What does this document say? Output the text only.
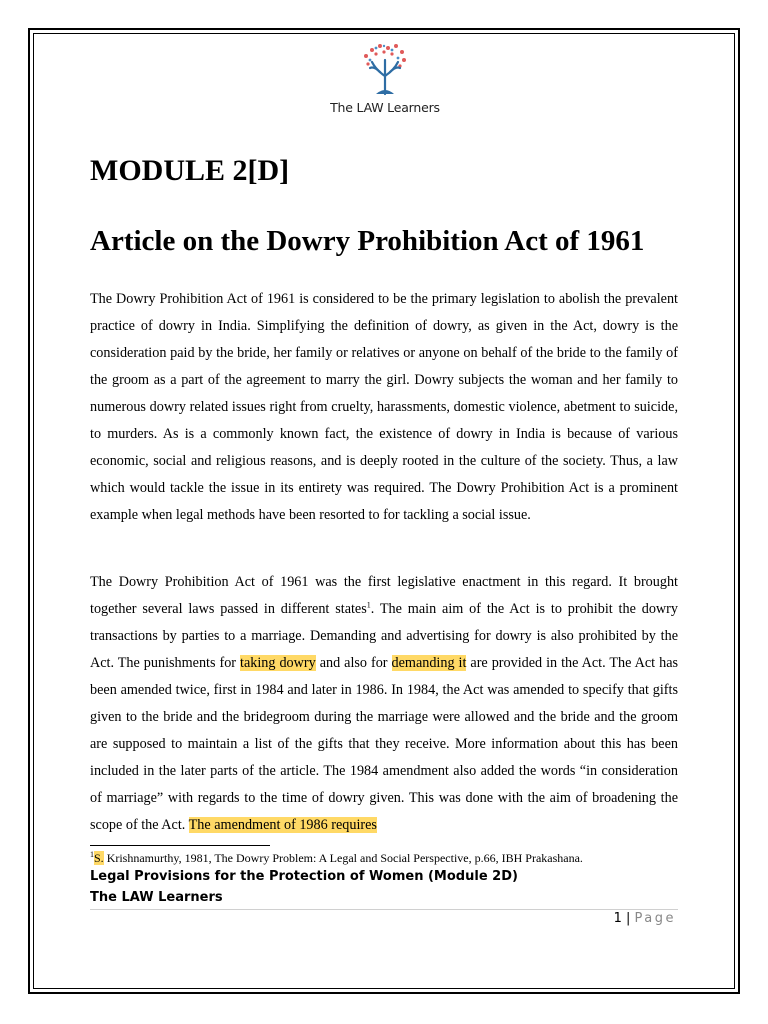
The LAW Learners
MODULE 2[D]
Article on the Dowry Prohibition Act of 1961

The Dowry Prohibition Act of 1961 is considered to be the primary legislation to abolish the prevalent practice of dowry in India. Simplifying the definition of dowry, as given in the Act, dowry is the consideration paid by the bride, her family or relatives or anyone on behalf of the bride to the family of the groom as a part of the agreement to marry the girl. Dowry subjects the woman and her family to numerous dowry related issues right from cruelty, harassments, domestic violence, abetment to suicide, to murders. As is a commonly known fact, the existence of dowry in India is because of various economic, social and religious reasons, and is deeply rooted in the culture of the society. Thus, a law which would tackle the issue in its entirety was required. The Dowry Prohibition Act is a prominent example when legal methods have been resorted to for tackling a social issue.

The Dowry Prohibition Act of 1961 was the first legislative enactment in this regard. It brought together several laws passed in different states$^1$. The main aim of the Act is to prohibit the dowry transactions by parties to a marriage. Demanding and advertising for dowry is also prohibited by the Act. The punishments for taking dowry and also for demanding it are provided in the Act. The Act has been amended twice, first in 1984 and later in 1986. In 1984, the Act was amended to specify that gifts given to the bride and the bridegroom during the marriage were allowed and the bride and the groom are supposed to maintain a list of the gifts that they receive. More information about this has been included in the later parts of the article. The 1984 amendment also added the words “in consideration of marriage” with regards to the time of dowry given. This was done with the aim of broadening the scope of the Act. The amendment of 1986 requires

$^1$S. Krishnamurthy, 1981, The Dowry Problem: A Legal and Social Perspective, p.66, IBH Prakashana.
Legal Provisions for the Protection of Women (Module 2D)
The LAW Learners
1 | Page
